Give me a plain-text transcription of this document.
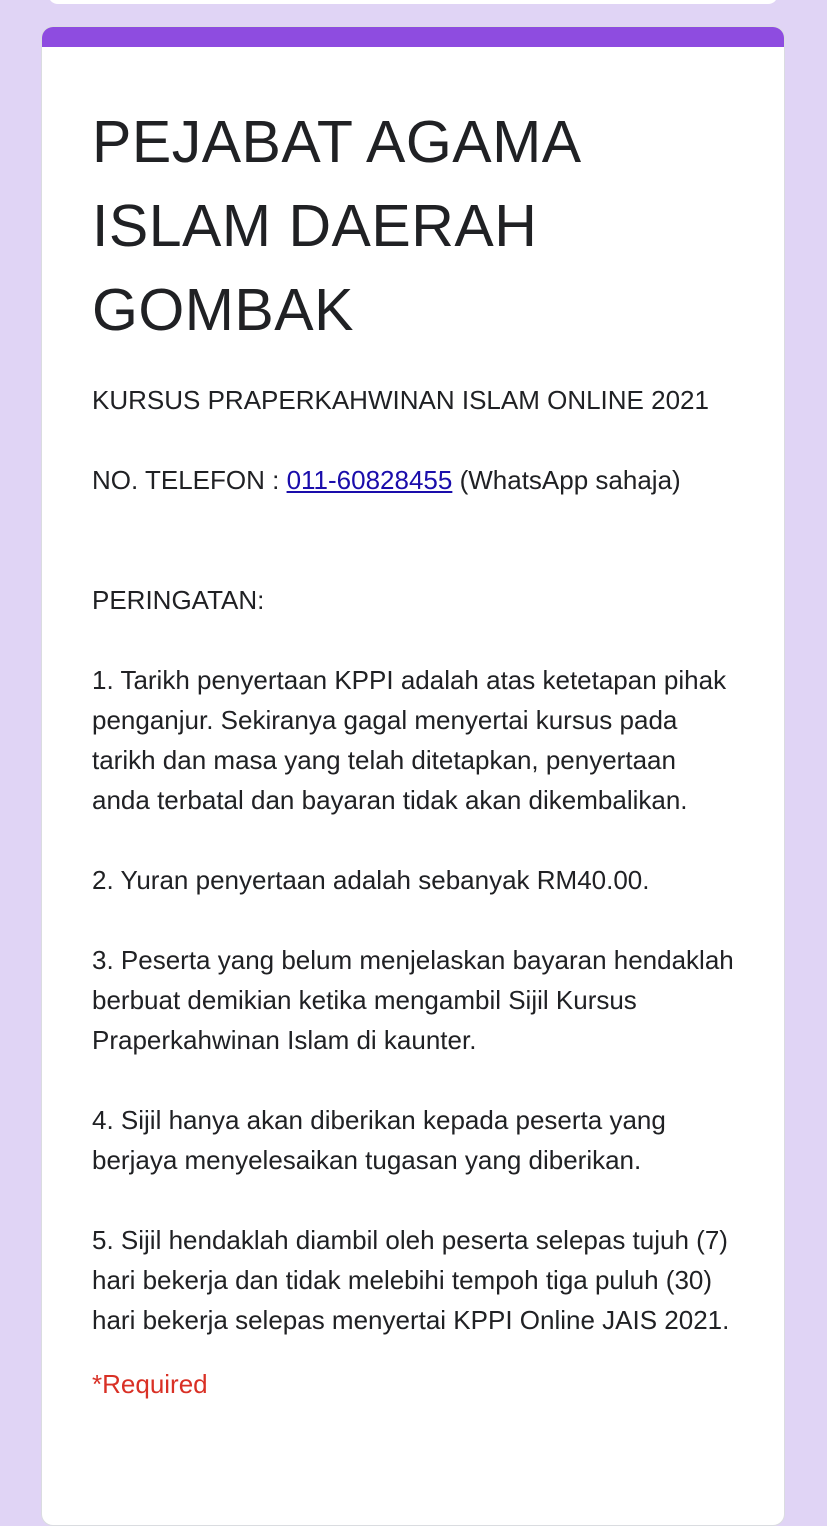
PEJABAT AGAMA
ISLAM DAERAH
GOMBAK

KURSUS PRAPERKAHWINAN ISLAM ONLINE 2021

NO. TELEFON : 011-60828455 (WhatsApp sahaja)

PERINGATAN:

1. Tarikh penyertaan KPPI adalah atas ketetapan pihak penganjur. Sekiranya gagal menyertai kursus pada tarikh dan masa yang telah ditetapkan, penyertaan anda terbatal dan bayaran tidak akan dikembalikan.

2. Yuran penyertaan adalah sebanyak RM40.00.

3. Peserta yang belum menjelaskan bayaran hendaklah berbuat demikian ketika mengambil Sijil Kursus Praperkahwinan Islam di kaunter.

4. Sijil hanya akan diberikan kepada peserta yang berjaya menyelesaikan tugasan yang diberikan.

5. Sijil hendaklah diambil oleh peserta selepas tujuh (7) hari bekerja dan tidak melebihi tempoh tiga puluh (30) hari bekerja selepas menyertai KPPI Online JAIS 2021.

*Required
